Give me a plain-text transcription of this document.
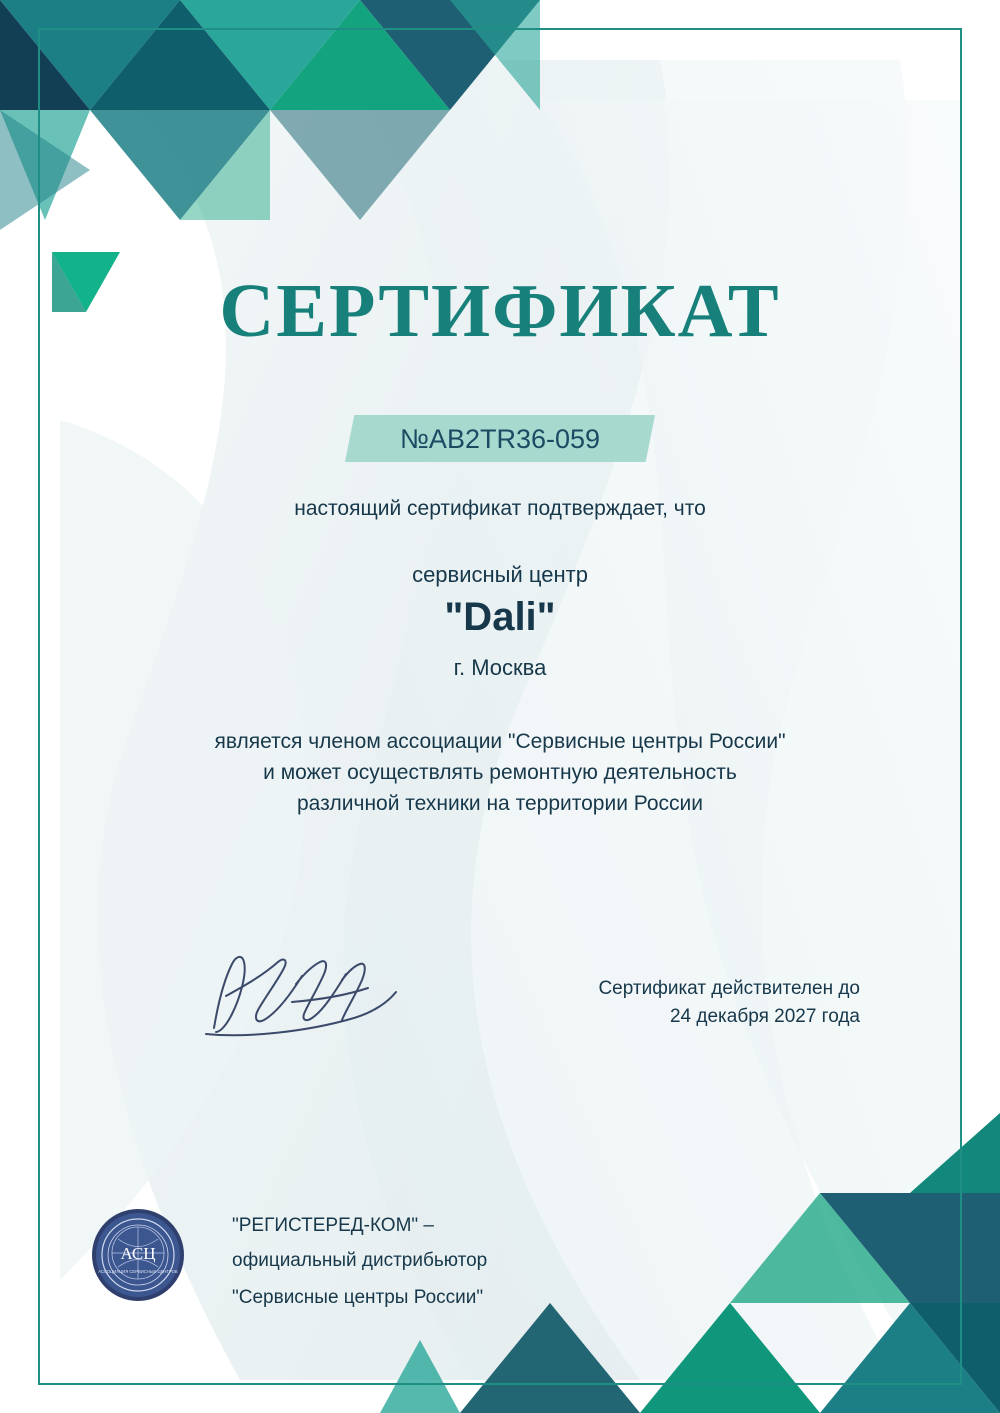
СЕРТИФИКАТ
№AB2TR36-059
настоящий сертификат подтверждает, что
сервисный центр
"Dali"
г. Москва
является членом ассоциации "Сервисные центры России"
и может осуществлять ремонтную деятельность
различной техники на территории России
Сертификат действителен до
24 декабря 2027 года
АСЦ
АССОЦИАЦИЯ СЕРВИСНЫХ ЦЕНТРОВ
"РЕГИСТЕРЕД-КОМ" –
официальный дистрибьютор
"Сервисные центры России"
